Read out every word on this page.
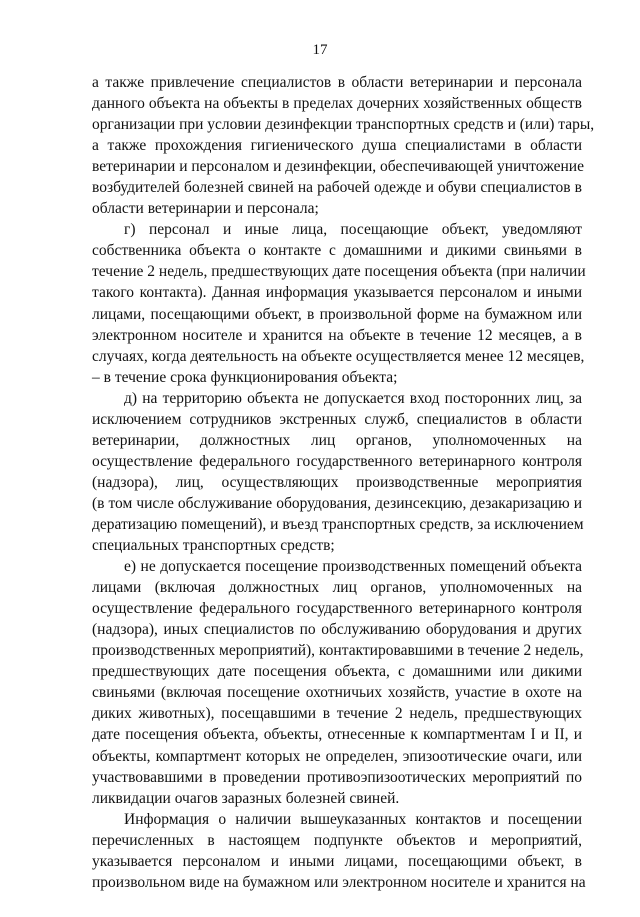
17
а также привлечение специалистов в области ветеринарии и персонала
данного объекта на объекты в пределах дочерних хозяйственных обществ
организации при условии дезинфекции транспортных средств и (или) тары,
а также прохождения гигиенического душа специалистами в области
ветеринарии и персоналом и дезинфекции, обеспечивающей уничтожение
возбудителей болезней свиней на рабочей одежде и обуви специалистов в
области ветеринарии и персонала;
г) персонал и иные лица, посещающие объект, уведомляют
собственника объекта о контакте с домашними и дикими свиньями в
течение 2 недель, предшествующих дате посещения объекта (при наличии
такого контакта). Данная информация указывается персоналом и иными
лицами, посещающими объект, в произвольной форме на бумажном или
электронном носителе и хранится на объекте в течение 12 месяцев, а в
случаях, когда деятельность на объекте осуществляется менее 12 месяцев,
– в течение срока функционирования объекта;
д) на территорию объекта не допускается вход посторонних лиц, за
исключением сотрудников экстренных служб, специалистов в области
ветеринарии, должностных лиц органов, уполномоченных на
осуществление федерального государственного ветеринарного контроля
(надзора), лиц, осуществляющих производственные мероприятия
(в том числе обслуживание оборудования, дезинсекцию, дезакаризацию и
дератизацию помещений), и въезд транспортных средств, за исключением
специальных транспортных средств;
е) не допускается посещение производственных помещений объекта
лицами (включая должностных лиц органов, уполномоченных на
осуществление федерального государственного ветеринарного контроля
(надзора), иных специалистов по обслуживанию оборудования и других
производственных мероприятий), контактировавшими в течение 2 недель,
предшествующих дате посещения объекта, с домашними или дикими
свиньями (включая посещение охотничьих хозяйств, участие в охоте на
диких животных), посещавшими в течение 2 недель, предшествующих
дате посещения объекта, объекты, отнесенные к компартментам I и II, и
объекты, компартмент которых не определен, эпизоотические очаги, или
участвовавшими в проведении противоэпизоотических мероприятий по
ликвидации очагов заразных болезней свиней.
Информация о наличии вышеуказанных контактов и посещении
перечисленных в настоящем подпункте объектов и мероприятий,
указывается персоналом и иными лицами, посещающими объект, в
произвольном виде на бумажном или электронном носителе и хранится на
